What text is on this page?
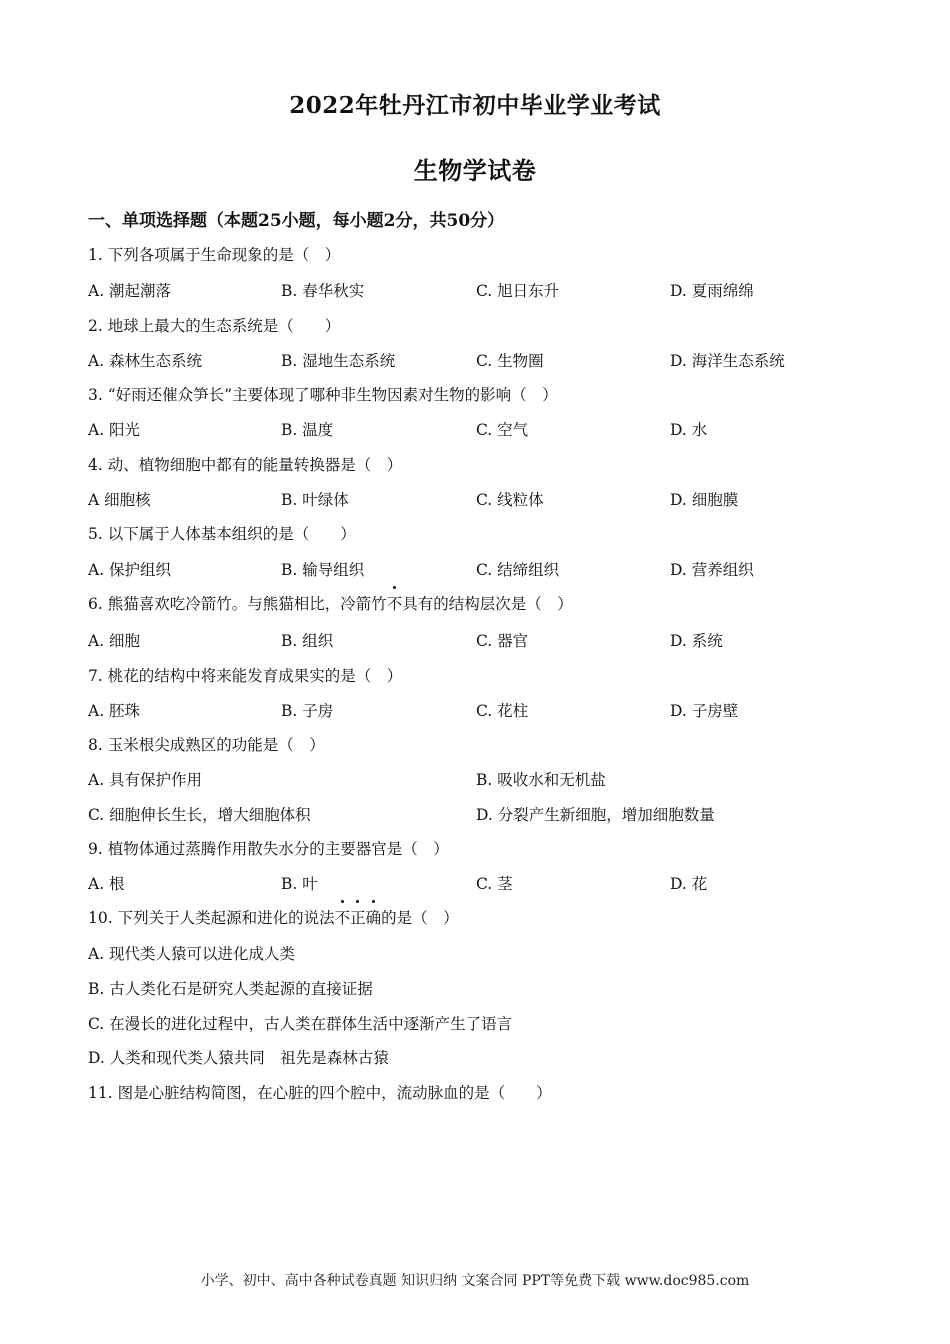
2022年牡丹江市初中毕业学业考试
生物学试卷
一、单项选择题（本题25小题，每小题2分，共50分）
1. 下列各项属于生命现象的是（　）
A. 潮起潮落	B. 春华秋实	C. 旭日东升	D. 夏雨绵绵
2. 地球上最大的生态系统是（　　）
A. 森林生态系统	B. 湿地生态系统	C. 生物圈	D. 海洋生态系统
3. “好雨还催众笋长”主要体现了哪种非生物因素对生物的影响（　）
A. 阳光	B. 温度	C. 空气	D. 水
4. 动、植物细胞中都有的能量转换器是（　）
A 细胞核	B. 叶绿体	C. 线粒体	D. 细胞膜
5. 以下属于人体基本组织的是（　　）
A. 保护组织	B. 输导组织	C. 结缔组织	D. 营养组织
6. 熊猫喜欢吃冷箭竹。与熊猫相比，冷箭竹不具有的结构层次是（　）
A. 细胞	B. 组织	C. 器官	D. 系统
7. 桃花的结构中将来能发育成果实的是（　）
A. 胚珠	B. 子房	C. 花柱	D. 子房壁
8. 玉米根尖成熟区的功能是（　）
A. 具有保护作用	B. 吸收水和无机盐
C. 细胞伸长生长，增大细胞体积	D. 分裂产生新细胞，增加细胞数量
9. 植物体通过蒸腾作用散失水分的主要器官是（　）
A. 根	B. 叶	C. 茎	D. 花
10. 下列关于人类起源和进化的说法不正确的是（　）
A. 现代类人猿可以进化成人类
B. 古人类化石是研究人类起源的直接证据
C. 在漫长的进化过程中，古人类在群体生活中逐渐产生了语言
D. 人类和现代类人猿共同　祖先是森林古猿
11. 图是心脏结构简图，在心脏的四个腔中，流动脉血的是（　　）
小学、初中、高中各种试卷真题 知识归纳 文案合同 PPT等免费下载 www.doc985.com
